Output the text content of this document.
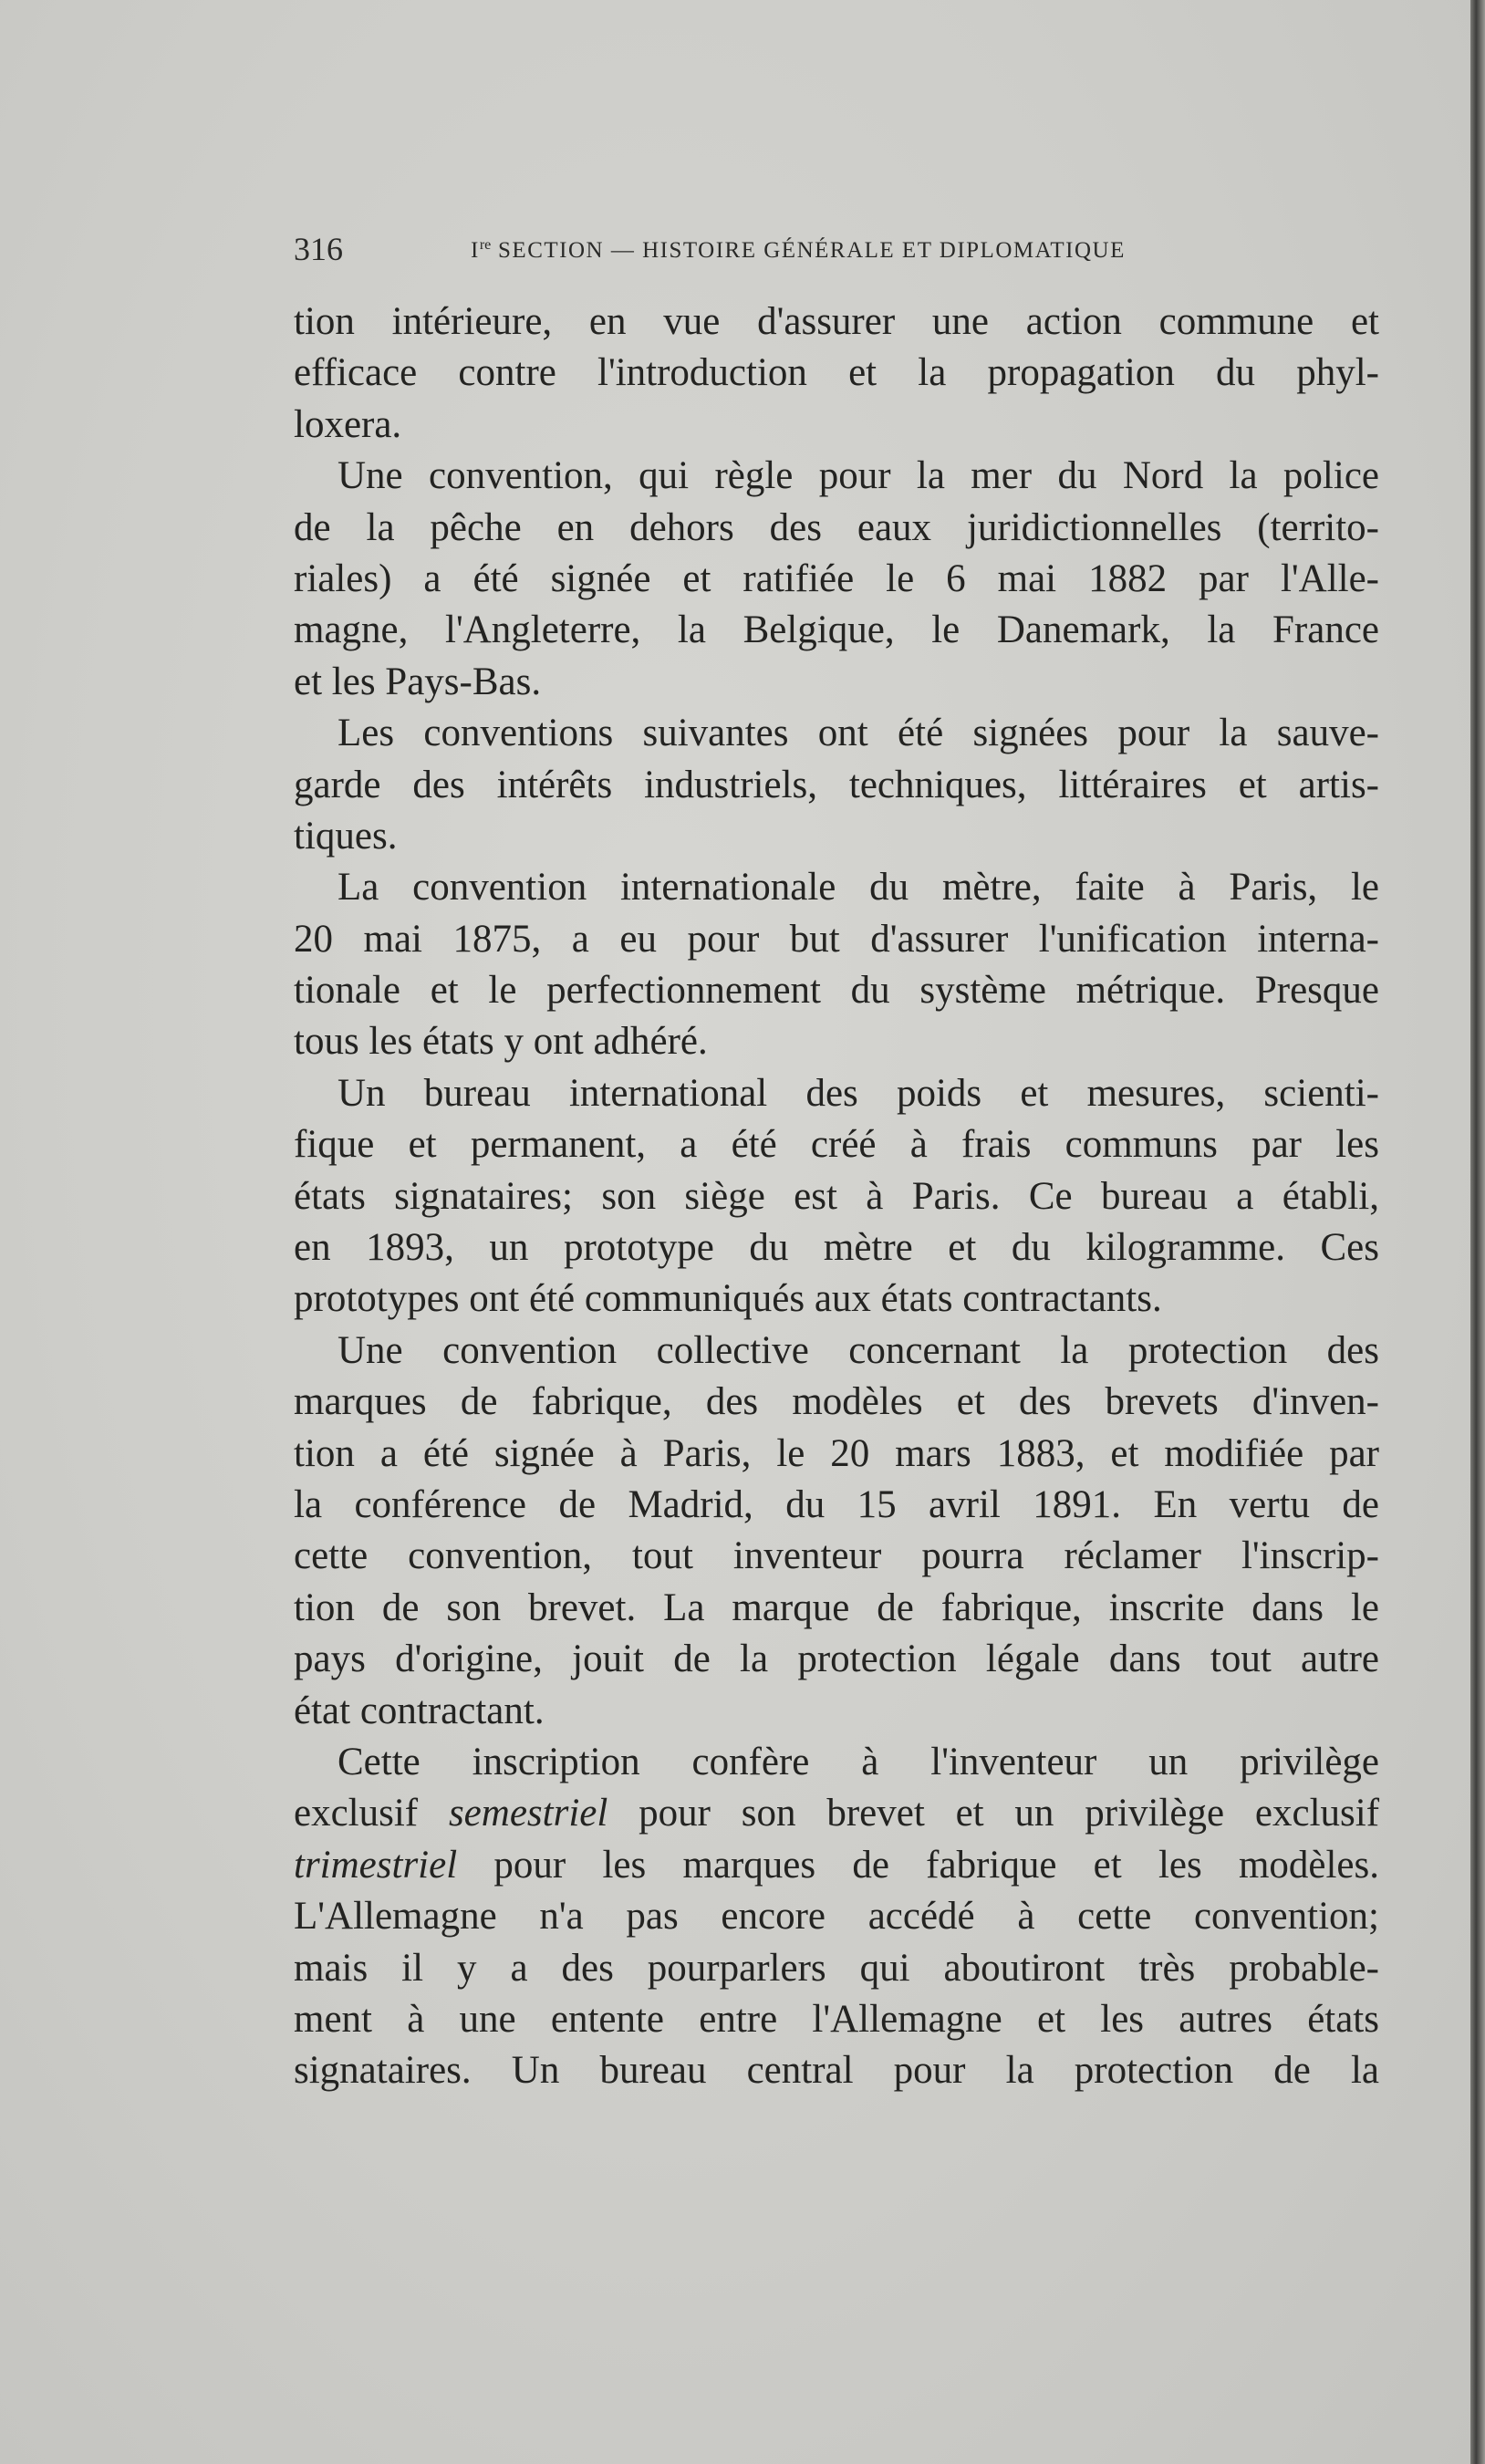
316	Ire SECTION — HISTOIRE GÉNÉRALE ET DIPLOMATIQUE
tion intérieure, en vue d'assurer une action commune et
efficace contre l'introduction et la propagation du phyl-
loxera.
Une convention, qui règle pour la mer du Nord la police
de la pêche en dehors des eaux juridictionnelles (territo-
riales) a été signée et ratifiée le 6 mai 1882 par l'Alle-
magne, l'Angleterre, la Belgique, le Danemark, la France
et les Pays-Bas.
Les conventions suivantes ont été signées pour la sauve-
garde des intérêts industriels, techniques, littéraires et artis-
tiques.
La convention internationale du mètre, faite à Paris, le
20 mai 1875, a eu pour but d'assurer l'unification interna-
tionale et le perfectionnement du système métrique. Presque
tous les états y ont adhéré.
Un bureau international des poids et mesures, scienti-
fique et permanent, a été créé à frais communs par les
états signataires; son siège est à Paris. Ce bureau a établi,
en 1893, un prototype du mètre et du kilogramme. Ces
prototypes ont été communiqués aux états contractants.
Une convention collective concernant la protection des
marques de fabrique, des modèles et des brevets d'inven-
tion a été signée à Paris, le 20 mars 1883, et modifiée par
la conférence de Madrid, du 15 avril 1891. En vertu de
cette convention, tout inventeur pourra réclamer l'inscrip-
tion de son brevet. La marque de fabrique, inscrite dans le
pays d'origine, jouit de la protection légale dans tout autre
état contractant.
Cette inscription confère à l'inventeur un privilège
exclusif semestriel pour son brevet et un privilège exclusif
trimestriel pour les marques de fabrique et les modèles.
L'Allemagne n'a pas encore accédé à cette convention;
mais il y a des pourparlers qui aboutiront très probable-
ment à une entente entre l'Allemagne et les autres états
signataires. Un bureau central pour la protection de la
